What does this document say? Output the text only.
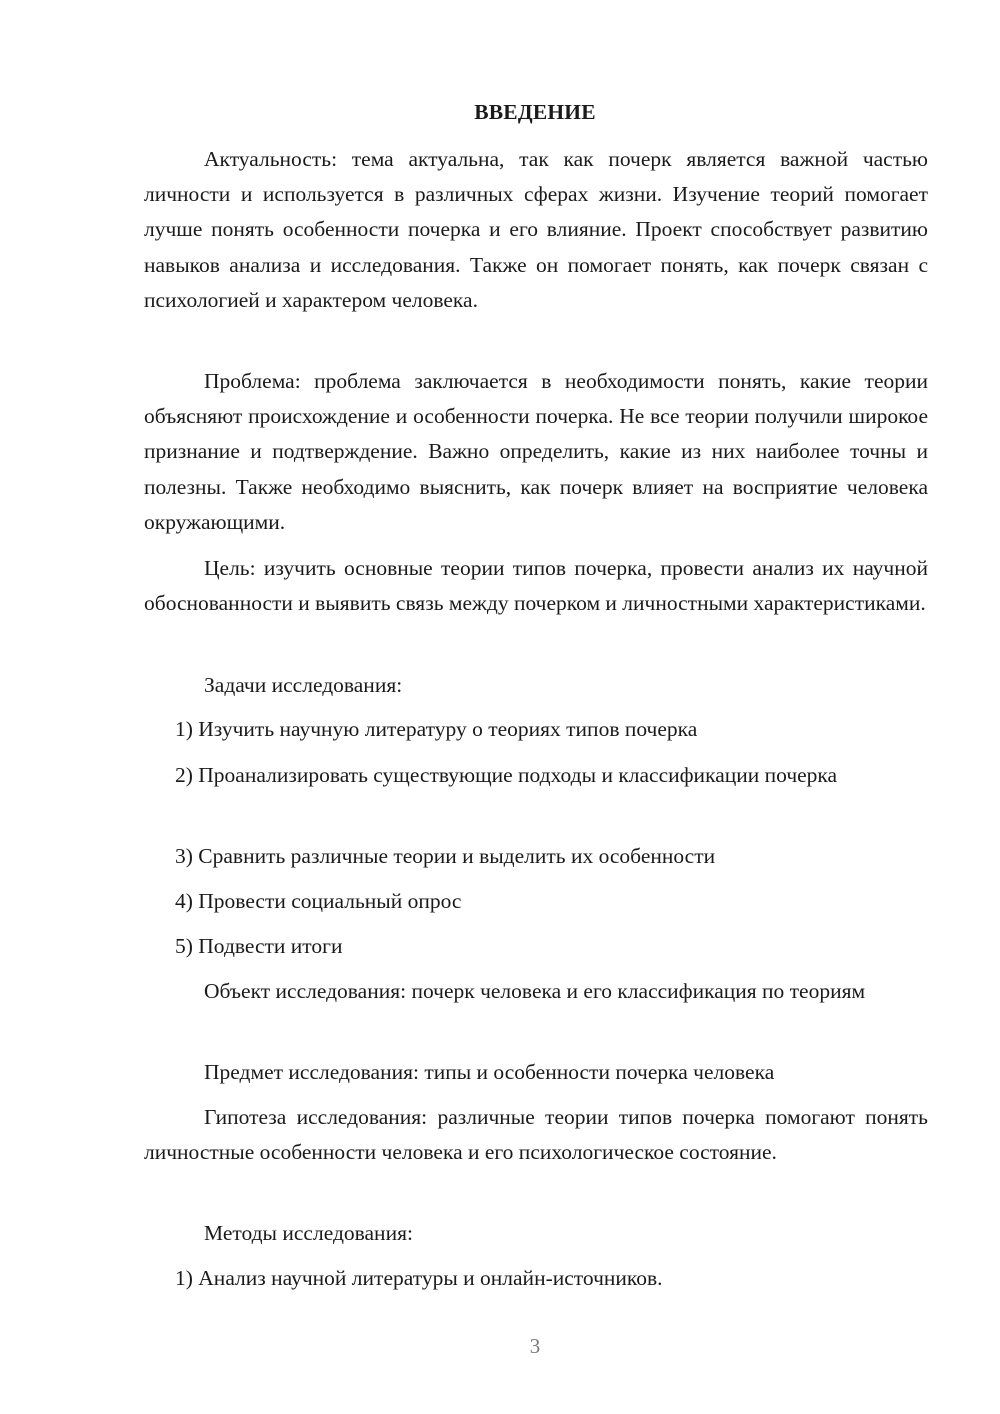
ВВЕДЕНИЕ

Актуальность: тема актуальна, так как почерк является важной частью личности и используется в различных сферах жизни. Изучение теорий помогает лучше понять особенности почерка и его влияние. Проект способствует развитию навыков анализа и исследования. Также он помогает понять, как почерк связан с психологией и характером человека.

Проблема: проблема заключается в необходимости понять, какие теории объясняют происхождение и особенности почерка. Не все теории получили широкое признание и подтверждение. Важно определить, какие из них наиболее точны и полезны. Также необходимо выяснить, как почерк влияет на восприятие человека окружающими.

Цель: изучить основные теории типов почерка, провести анализ их научной обоснованности и выявить связь между почерком и личностными характеристиками.

Задачи исследования:

1) Изучить научную литературу о теориях типов почерка

2) Проанализировать существующие подходы и классификации почерка

3) Сравнить различные теории и выделить их особенности

4) Провести социальный опрос

5) Подвести итоги

Объект исследования: почерк человека и его классификация по теориям

Предмет исследования: типы и особенности почерка человека

Гипотеза исследования: различные теории типов почерка помогают понять личностные особенности человека и его психологическое состояние.

Методы исследования:

1) Анализ научной литературы и онлайн-источников.

3
